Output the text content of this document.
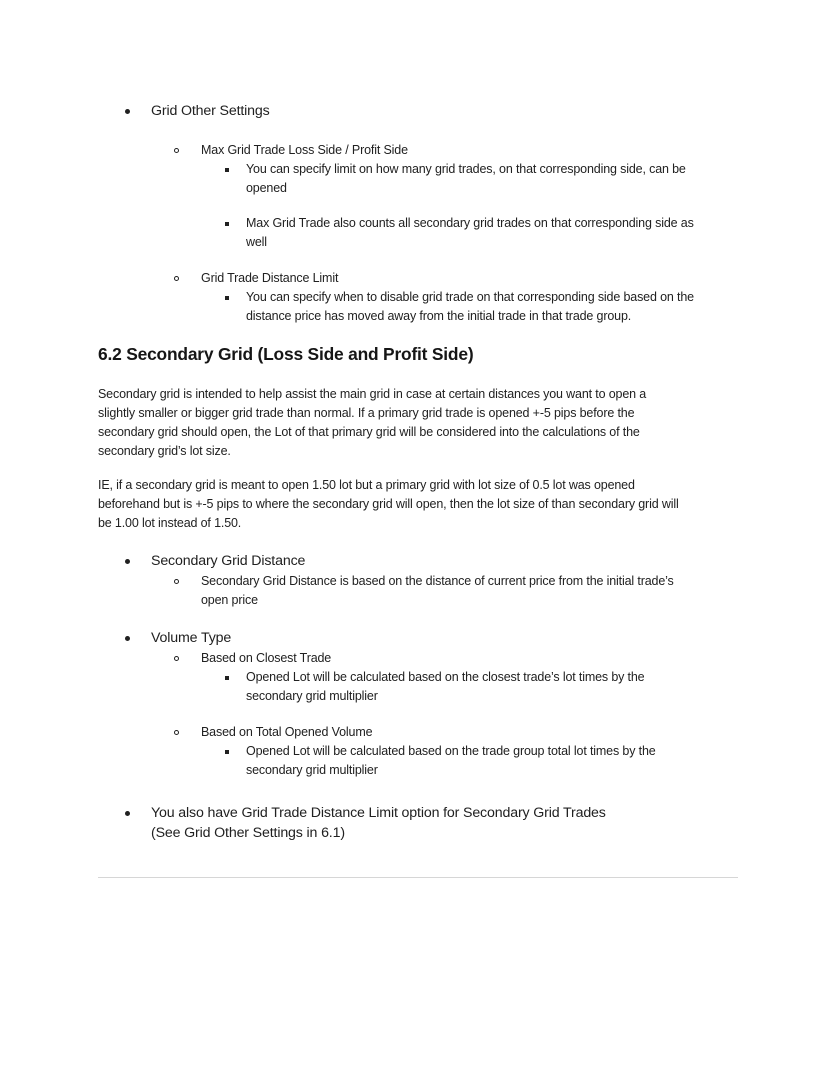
Grid Other Settings
Max Grid Trade Loss Side / Profit Side
You can specify limit on how many grid trades, on that corresponding side, can be
opened
Max Grid Trade also counts all secondary grid trades on that corresponding side as
well
Grid Trade Distance Limit
You can specify when to disable grid trade on that corresponding side based on the
distance price has moved away from the initial trade in that trade group.
6.2 Secondary Grid (Loss Side and Profit Side)
Secondary grid is intended to help assist the main grid in case at certain distances you want to open a
slightly smaller or bigger grid trade than normal. If a primary grid trade is opened +-5 pips before the
secondary grid should open, the Lot of that primary grid will be considered into the calculations of the
secondary grid’s lot size.
IE, if a secondary grid is meant to open 1.50 lot but a primary grid with lot size of 0.5 lot was opened
beforehand but is +-5 pips to where the secondary grid will open, then the lot size of than secondary grid will
be 1.00 lot instead of 1.50.
Secondary Grid Distance
Secondary Grid Distance is based on the distance of current price from the initial trade’s
open price
Volume Type
Based on Closest Trade
Opened Lot will be calculated based on the closest trade’s lot times by the
secondary grid multiplier
Based on Total Opened Volume
Opened Lot will be calculated based on the trade group total lot times by the
secondary grid multiplier
You also have Grid Trade Distance Limit option for Secondary Grid Trades
(See Grid Other Settings in 6.1)
